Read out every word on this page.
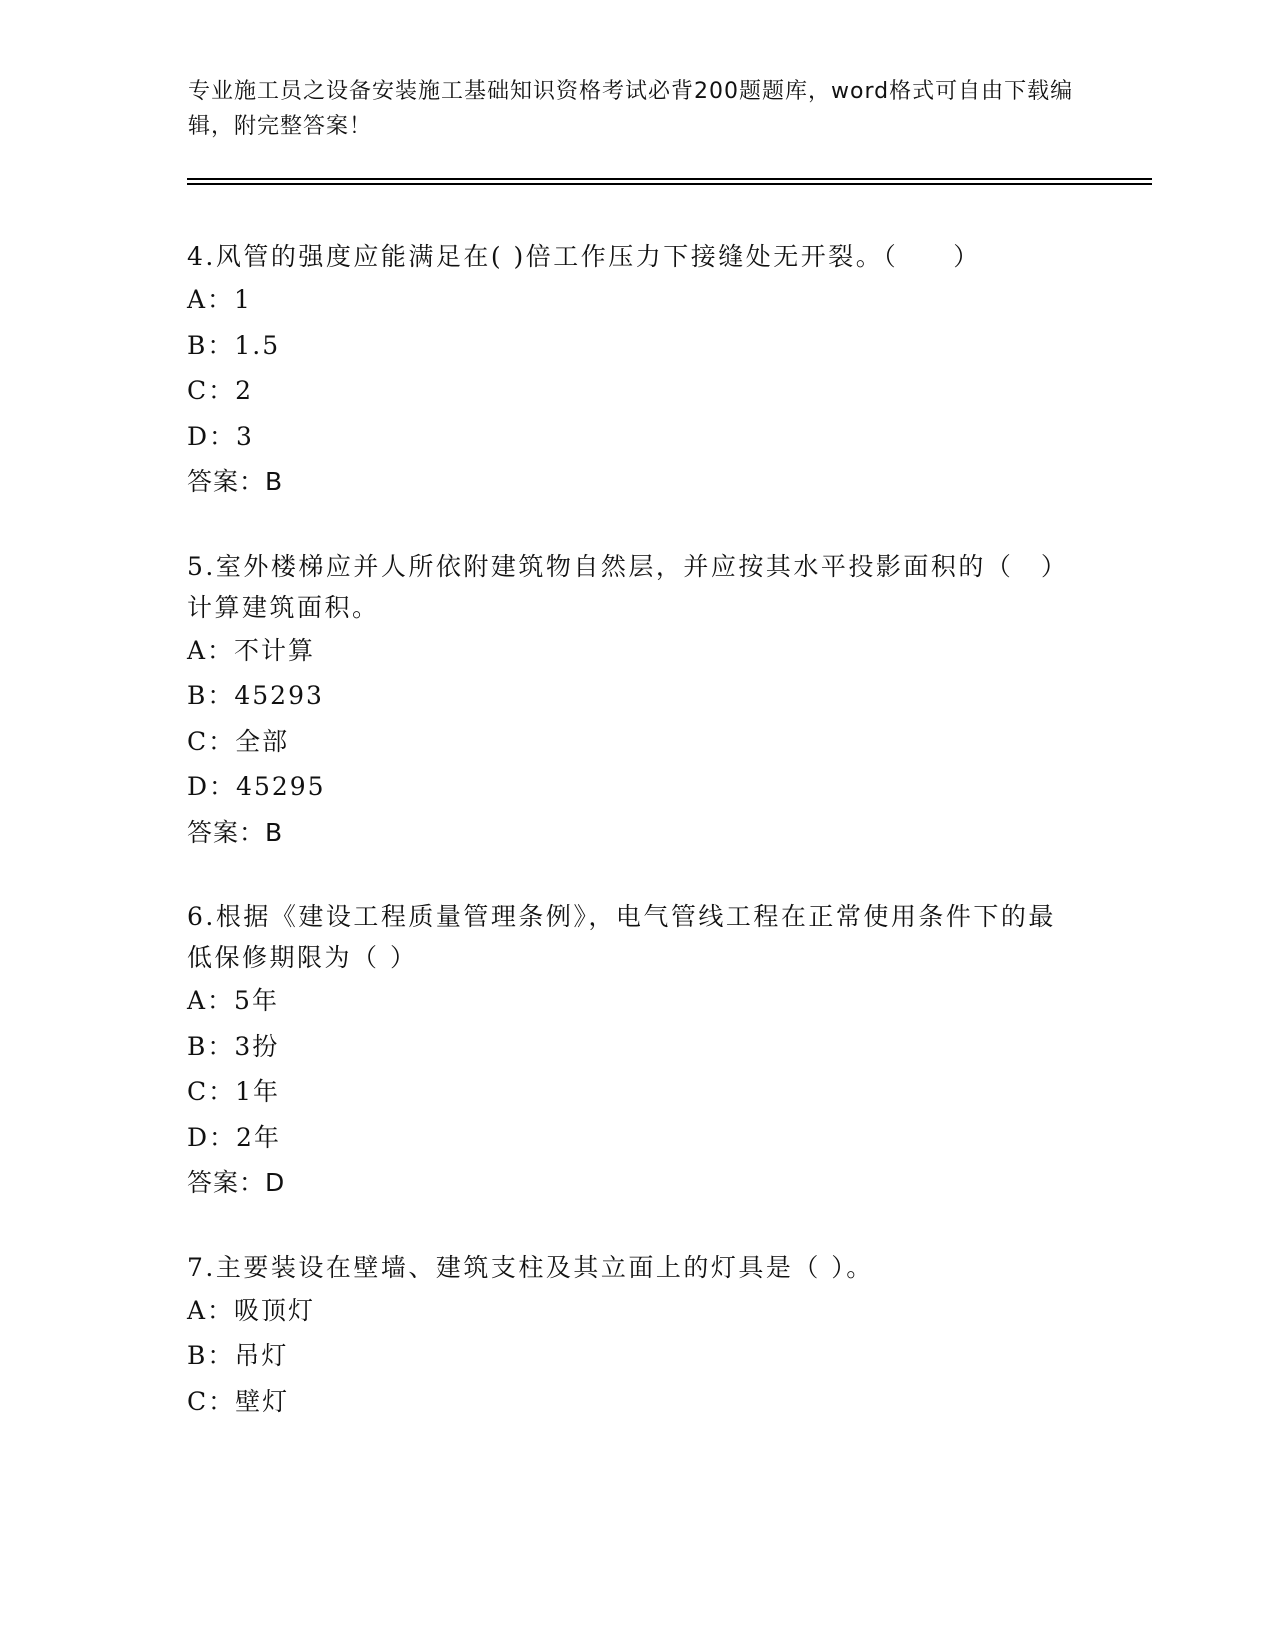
专业施工员之设备安装施工基础知识资格考试必背200题题库，word格式可自由下载编辑，附完整答案！

4.风管的强度应能满足在( )倍工作压力下接缝处无开裂。（　　）

A：1

B：1.5

C：2

D：3

答案：B

5.室外楼梯应并人所依附建筑物自然层，并应按其水平投影面积的（　）计算建筑面积。

A：不计算

B：45293

C：全部

D：45295

答案：B

6.根据《建设工程质量管理条例》，电气管线工程在正常使用条件下的最低保修期限为（ ）

A：5年

B：3扮

C：1年

D：2年

答案：D

7.主要装设在壁墙、建筑支柱及其立面上的灯具是（ ）。

A：吸顶灯

B：吊灯

C：壁灯
